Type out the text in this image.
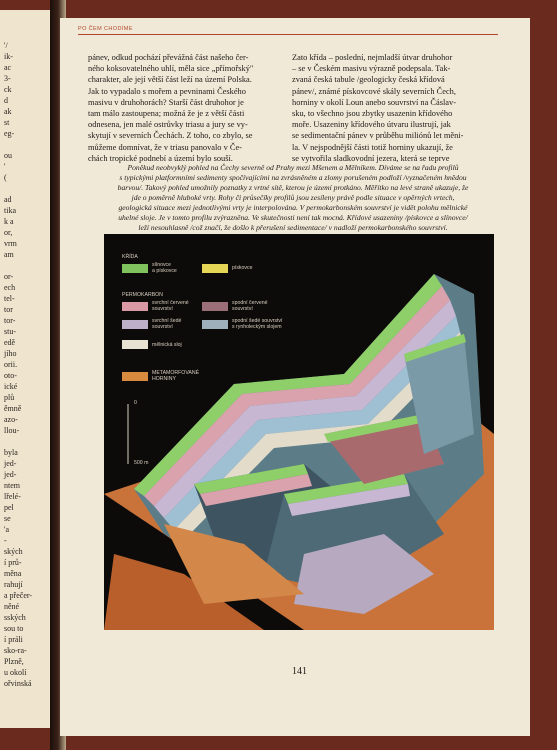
'/
ik-
ac
3-
ck
d
ak
st
eg-
ou
'
(
ad
tika
k a
or,
vrm
am
or-
ech
tel-
tor
tor-
stu-
edě
jího
orii.
oto-
ické
plů
ěmně
azo-
llou-
byla
jed-
jed-
ntem
lřelé-
pel
se
'a
-
ských
í prů-
měna
rahují
a přečer-
něné
sských
sou to
í práli
sko-ra-
Plzně,
u okolí
ořvinská
PO ČEM CHODÍME

pánev, odkud pochází převážná část našeho čer-
ného koksovatelného uhlí, měla sice „přímořský"
charakter, ale její větší část leží na území Polska.
Jak to vypadalo s mořem a pevninami Českého
masivu v druhohorách? Starší část druhohor je
tam málo zastoupena; možná že je z větší části
odnesena, jen malé ostrůvky triasu a jury se vy-
skytují v severních Čechách. Z toho, co zbylo, se
můžeme domnívat, že v triasu panovalo v Če-
chách tropické podnebí a území bylo souší.

Zato křída – poslední, nejmladší útvar druhohor
– se v Českém masivu výrazně podepsala. Tak-
zvaná česká tabule /geologicky česká křídová
pánev/, známé pískovcové skály severních Čech,
horniny v okolí Loun anebo souvrství na Čáslav-
sku, to všechno jsou zbytky usazenin křídového
moře. Usazeniny křídového útvaru ilustrují, jak
se sedimentační pánev v průběhu miliónů let měni-
la. V nejspodnější části totiž horniny ukazují, že
se vytvořila sladkovodní jezera, která se teprve

Poněkud neobvyklý pohled na Čechy severně od Prahy mezi Mšenem a Mělníkem. Dívámе se na řadu profilů
s typickými platformními sedimenty spočívajícími na zvrásněném a zlomy porušeném podloží /vyznačeném hnědou
barvou/. Takový pohled umožnily poznatky z vrtné sítě, kterou je území protkáno. Měřítko na levé straně ukazuje, že
jde o poměrně hluboké vrty. Rohy či průsečíky profilů jsou zesíleny právě podle situace v opěrných vrtech,
geologická situace mezi jednotlivými vrty je interpolována. V permokarbonském souvrství je vidět polohu mělnické
uhelné sloje. Je v tomto profilu zvýrazněna. Ve skutečnosti není tak mocná. Křídové usazeniny /pískovce a slínovce/
leží nesouhlasně /což značí, že došlo k přerušení sedimentace/ v nadloží permokarbonského souvrství.
KŘÍDA
slínovce
a pískovce	pískovce
PERMOKARBON
svrchní červené
souvrství
spodní červené
souvrství
svrchní šedé
souvrství
spodní šedé souvrství
s rynholeckým slojem
mělnická sloj
METAMORFOVANÉ
HORNINY
0
500 m
141
